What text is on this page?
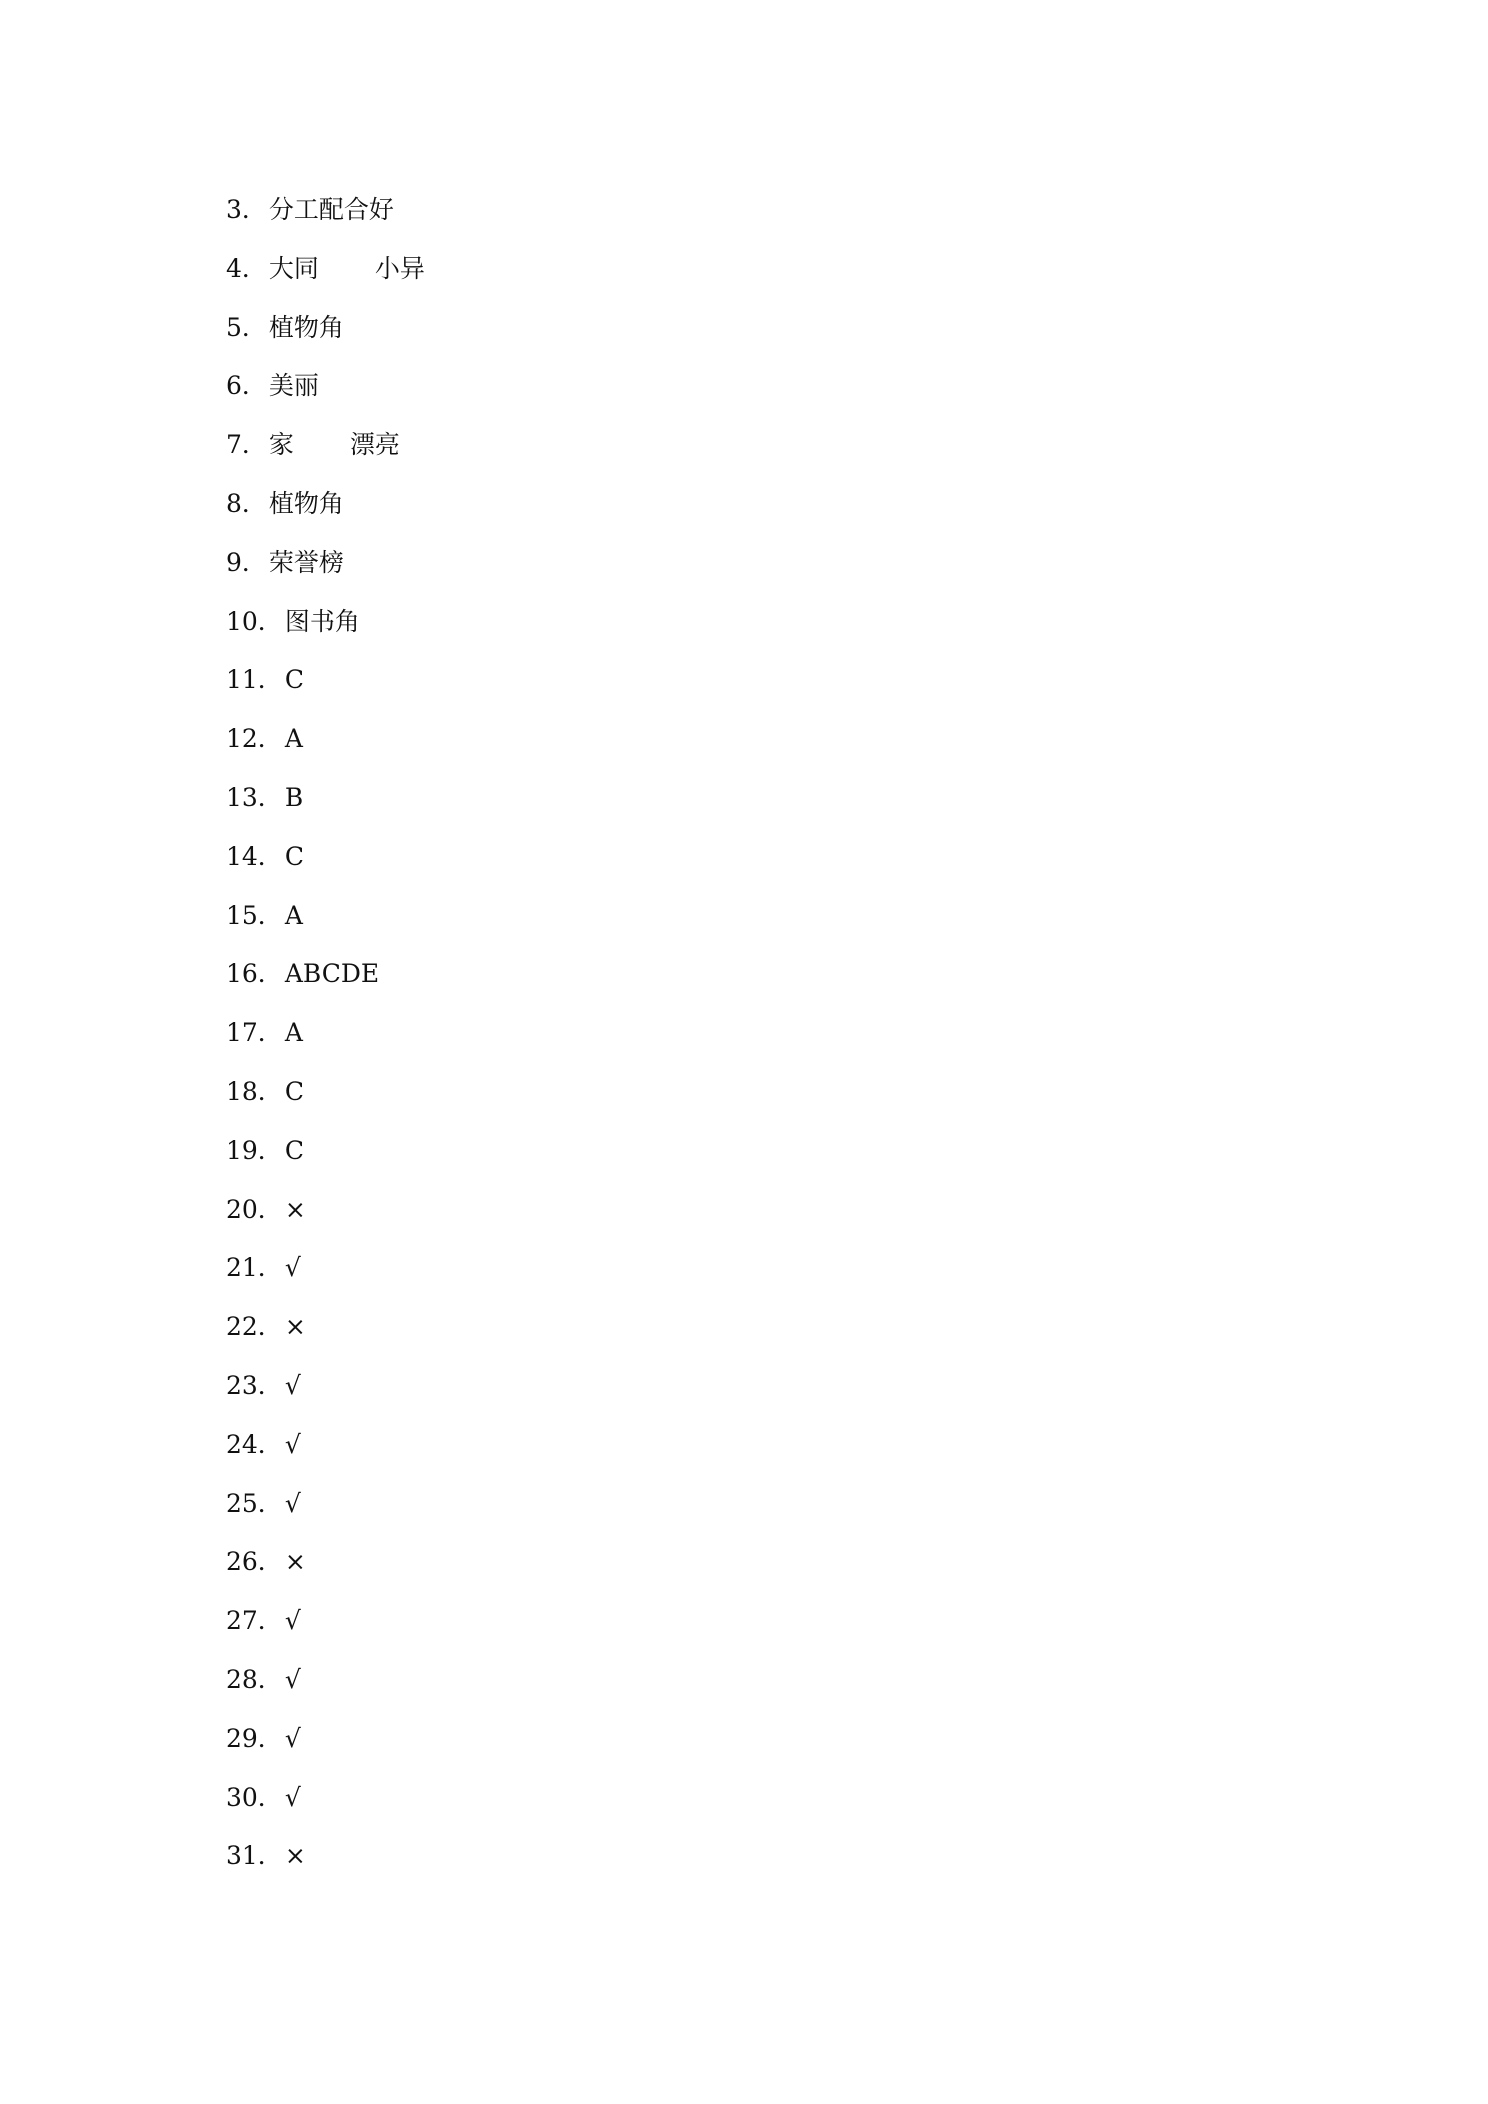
3． 分工配合好
4． 大同 小异
5． 植物角
6． 美丽
7． 家 漂亮
8． 植物角
9． 荣誉榜
10． 图书角
11． C
12． A
13． B
14． C
15． A
16． ABCDE
17． A
18． C
19． C
20． ×
21． √
22． ×
23． √
24． √
25． √
26． ×
27． √
28． √
29． √
30． √
31． ×
